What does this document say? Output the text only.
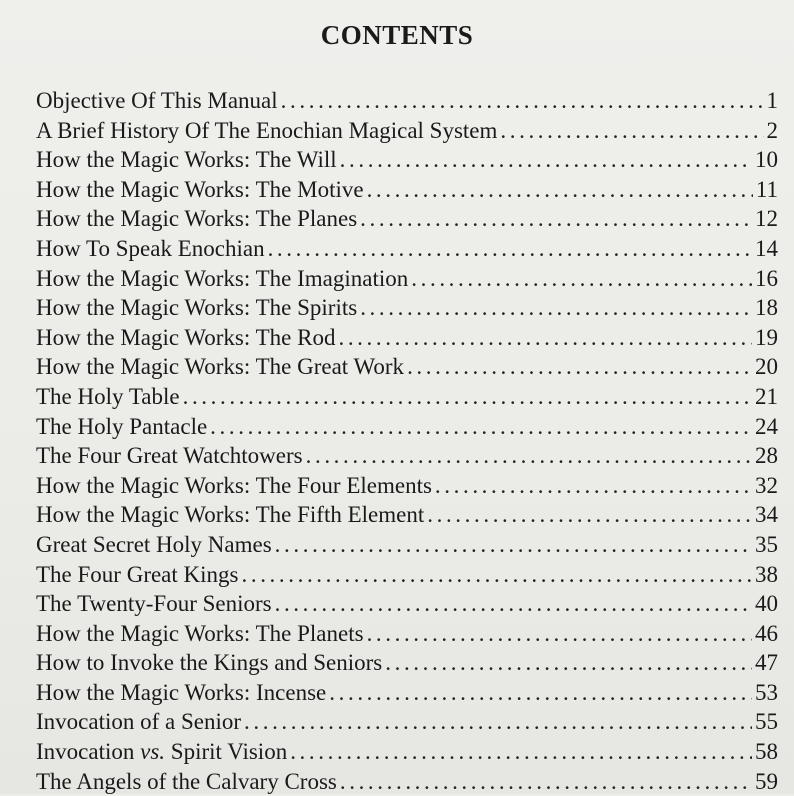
CONTENTS
Objective Of This Manual .....	1
A Brief History Of The Enochian Magical System .....	2
How the Magic Works: The Will .....	10
How the Magic Works: The Motive .....	11
How the Magic Works: The Planes .....	12
How To Speak Enochian .....	14
How the Magic Works: The Imagination .....	16
How the Magic Works: The Spirits .....	18
How the Magic Works: The Rod .....	19
How the Magic Works: The Great Work .....	20
The Holy Table .....	21
The Holy Pantacle .....	24
The Four Great Watchtowers .....	28
How the Magic Works: The Four Elements .....	32
How the Magic Works: The Fifth Element .....	34
Great Secret Holy Names .....	35
The Four Great Kings .....	38
The Twenty-Four Seniors .....	40
How the Magic Works: The Planets .....	46
How to Invoke the Kings and Seniors .....	47
How the Magic Works: Incense .....	53
Invocation of a Senior .....	55
Invocation vs. Spirit Vision .....	58
The Angels of the Calvary Cross .....	59
